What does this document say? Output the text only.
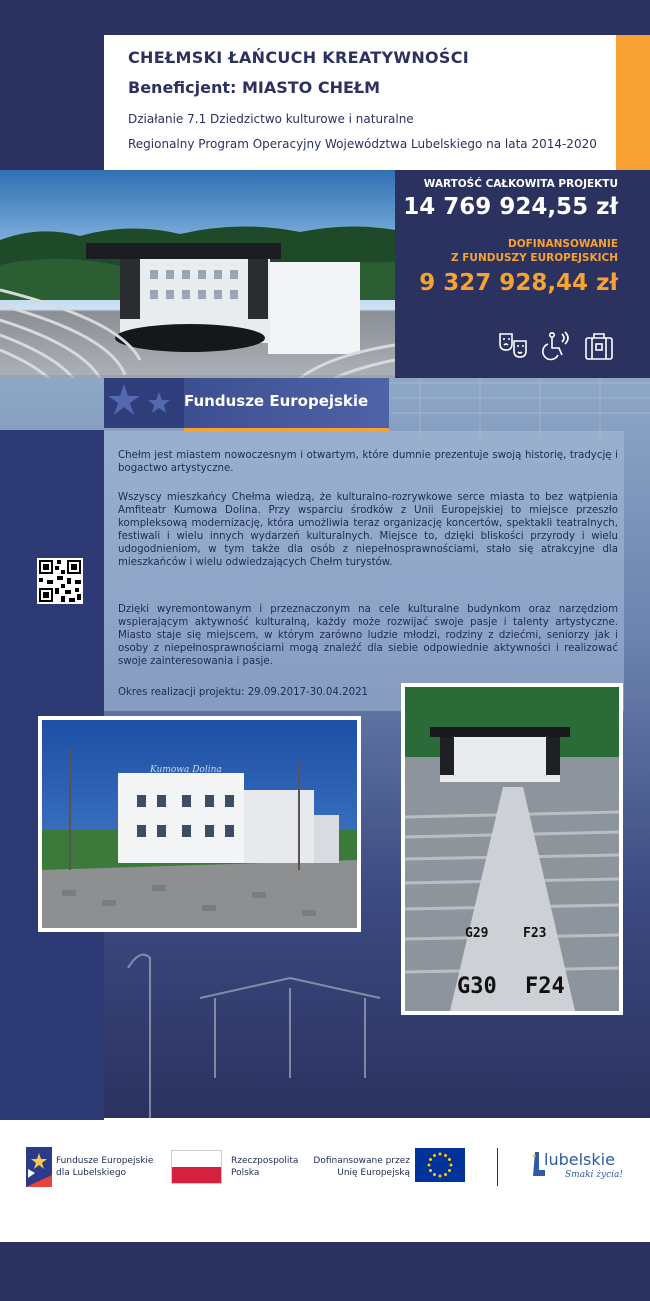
CHEŁMSKI ŁAŃCUCH KREATYWNOŚCI
Beneficjent: MIASTO CHEŁM
Działanie 7.1 Dziedzictwo kulturowe i naturalne
Regionalny Program Operacyjny Województwa Lubelskiego na lata 2014-2020
WARTOŚĆ CAŁKOWITA PROJEKTU
14 769 924,55 zł
DOFINANSOWANIE
Z FUNDUSZY EUROPEJSKICH
9 327 928,44 zł
Fundusze Europejskie
Chełm jest miastem nowoczesnym i otwartym, które dumnie prezentuje swoją historię, tradycję i bogactwo artystyczne.
Wszyscy mieszkańcy Chełma wiedzą, że kulturalno-rozrywkowe serce miasta to bez wątpienia Amfiteatr Kumowa Dolina. Przy wsparciu środków z Unii Europejskiej to miejsce przeszło kompleksową modernizację, która umożliwia teraz organizację koncertów, spektakli teatralnych, festiwali i wielu innych wydarzeń kulturalnych. Miejsce to, dzięki bliskości przyrody i wielu udogodnieniom, w tym także dla osób z niepełnosprawnościami, stało się atrakcyjne dla mieszkańców i wielu odwiedzających Chełm turystów.
Dzięki wyremontowanym i przeznaczonym na cele kulturalne budynkom oraz narzędziom wspierającym aktywność kulturalną, każdy może rozwijać swoje pasje i talenty artystyczne. Miasto staje się miejscem, w którym zarówno ludzie młodzi, rodziny z dziećmi, seniorzy jak i osoby z niepełnosprawnościami mogą znaleźć dla siebie odpowiednie aktywności i realizować swoje zainteresowania i pasje.
Okres realizacji projektu: 29.09.2017-30.04.2021
Kumowa Dolina
G30 F24
G29	F23
Fundusze Europejskie
dla Lubelskiego
Rzeczpospolita
Polska
Dofinansowane przez
Unię Europejską
lubelskie
Smaki życia!
